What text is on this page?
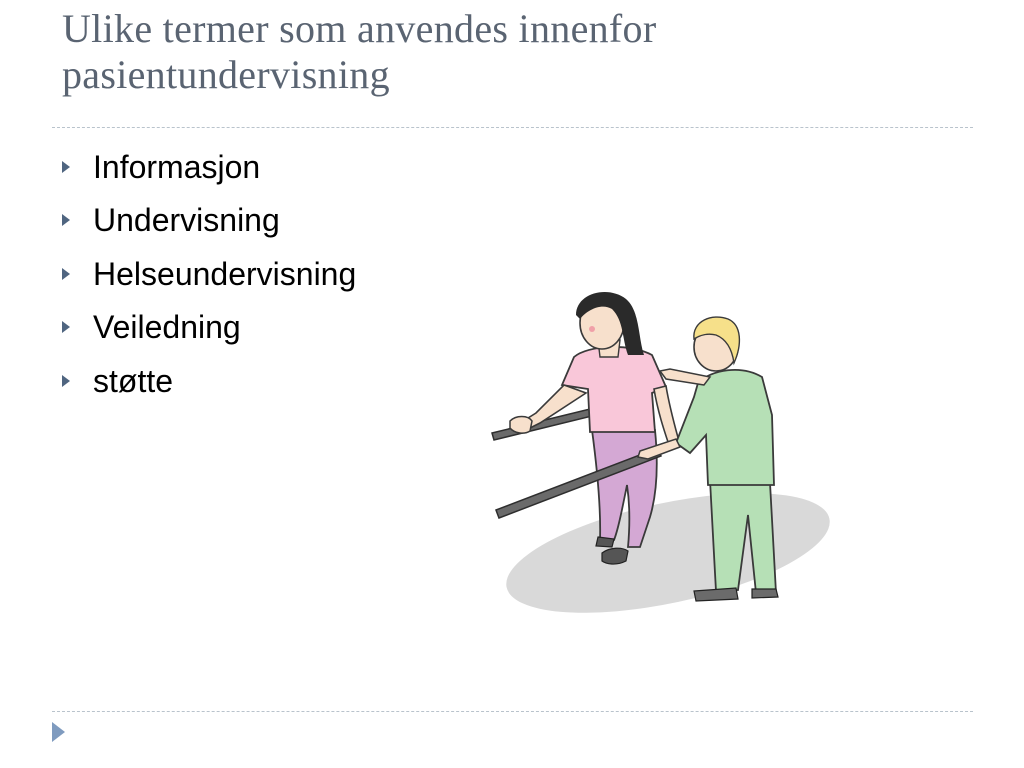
Ulike termer som anvendes innenfor
pasientundervisning
Informasjon
Undervisning
Helseundervisning
Veiledning
støtte
